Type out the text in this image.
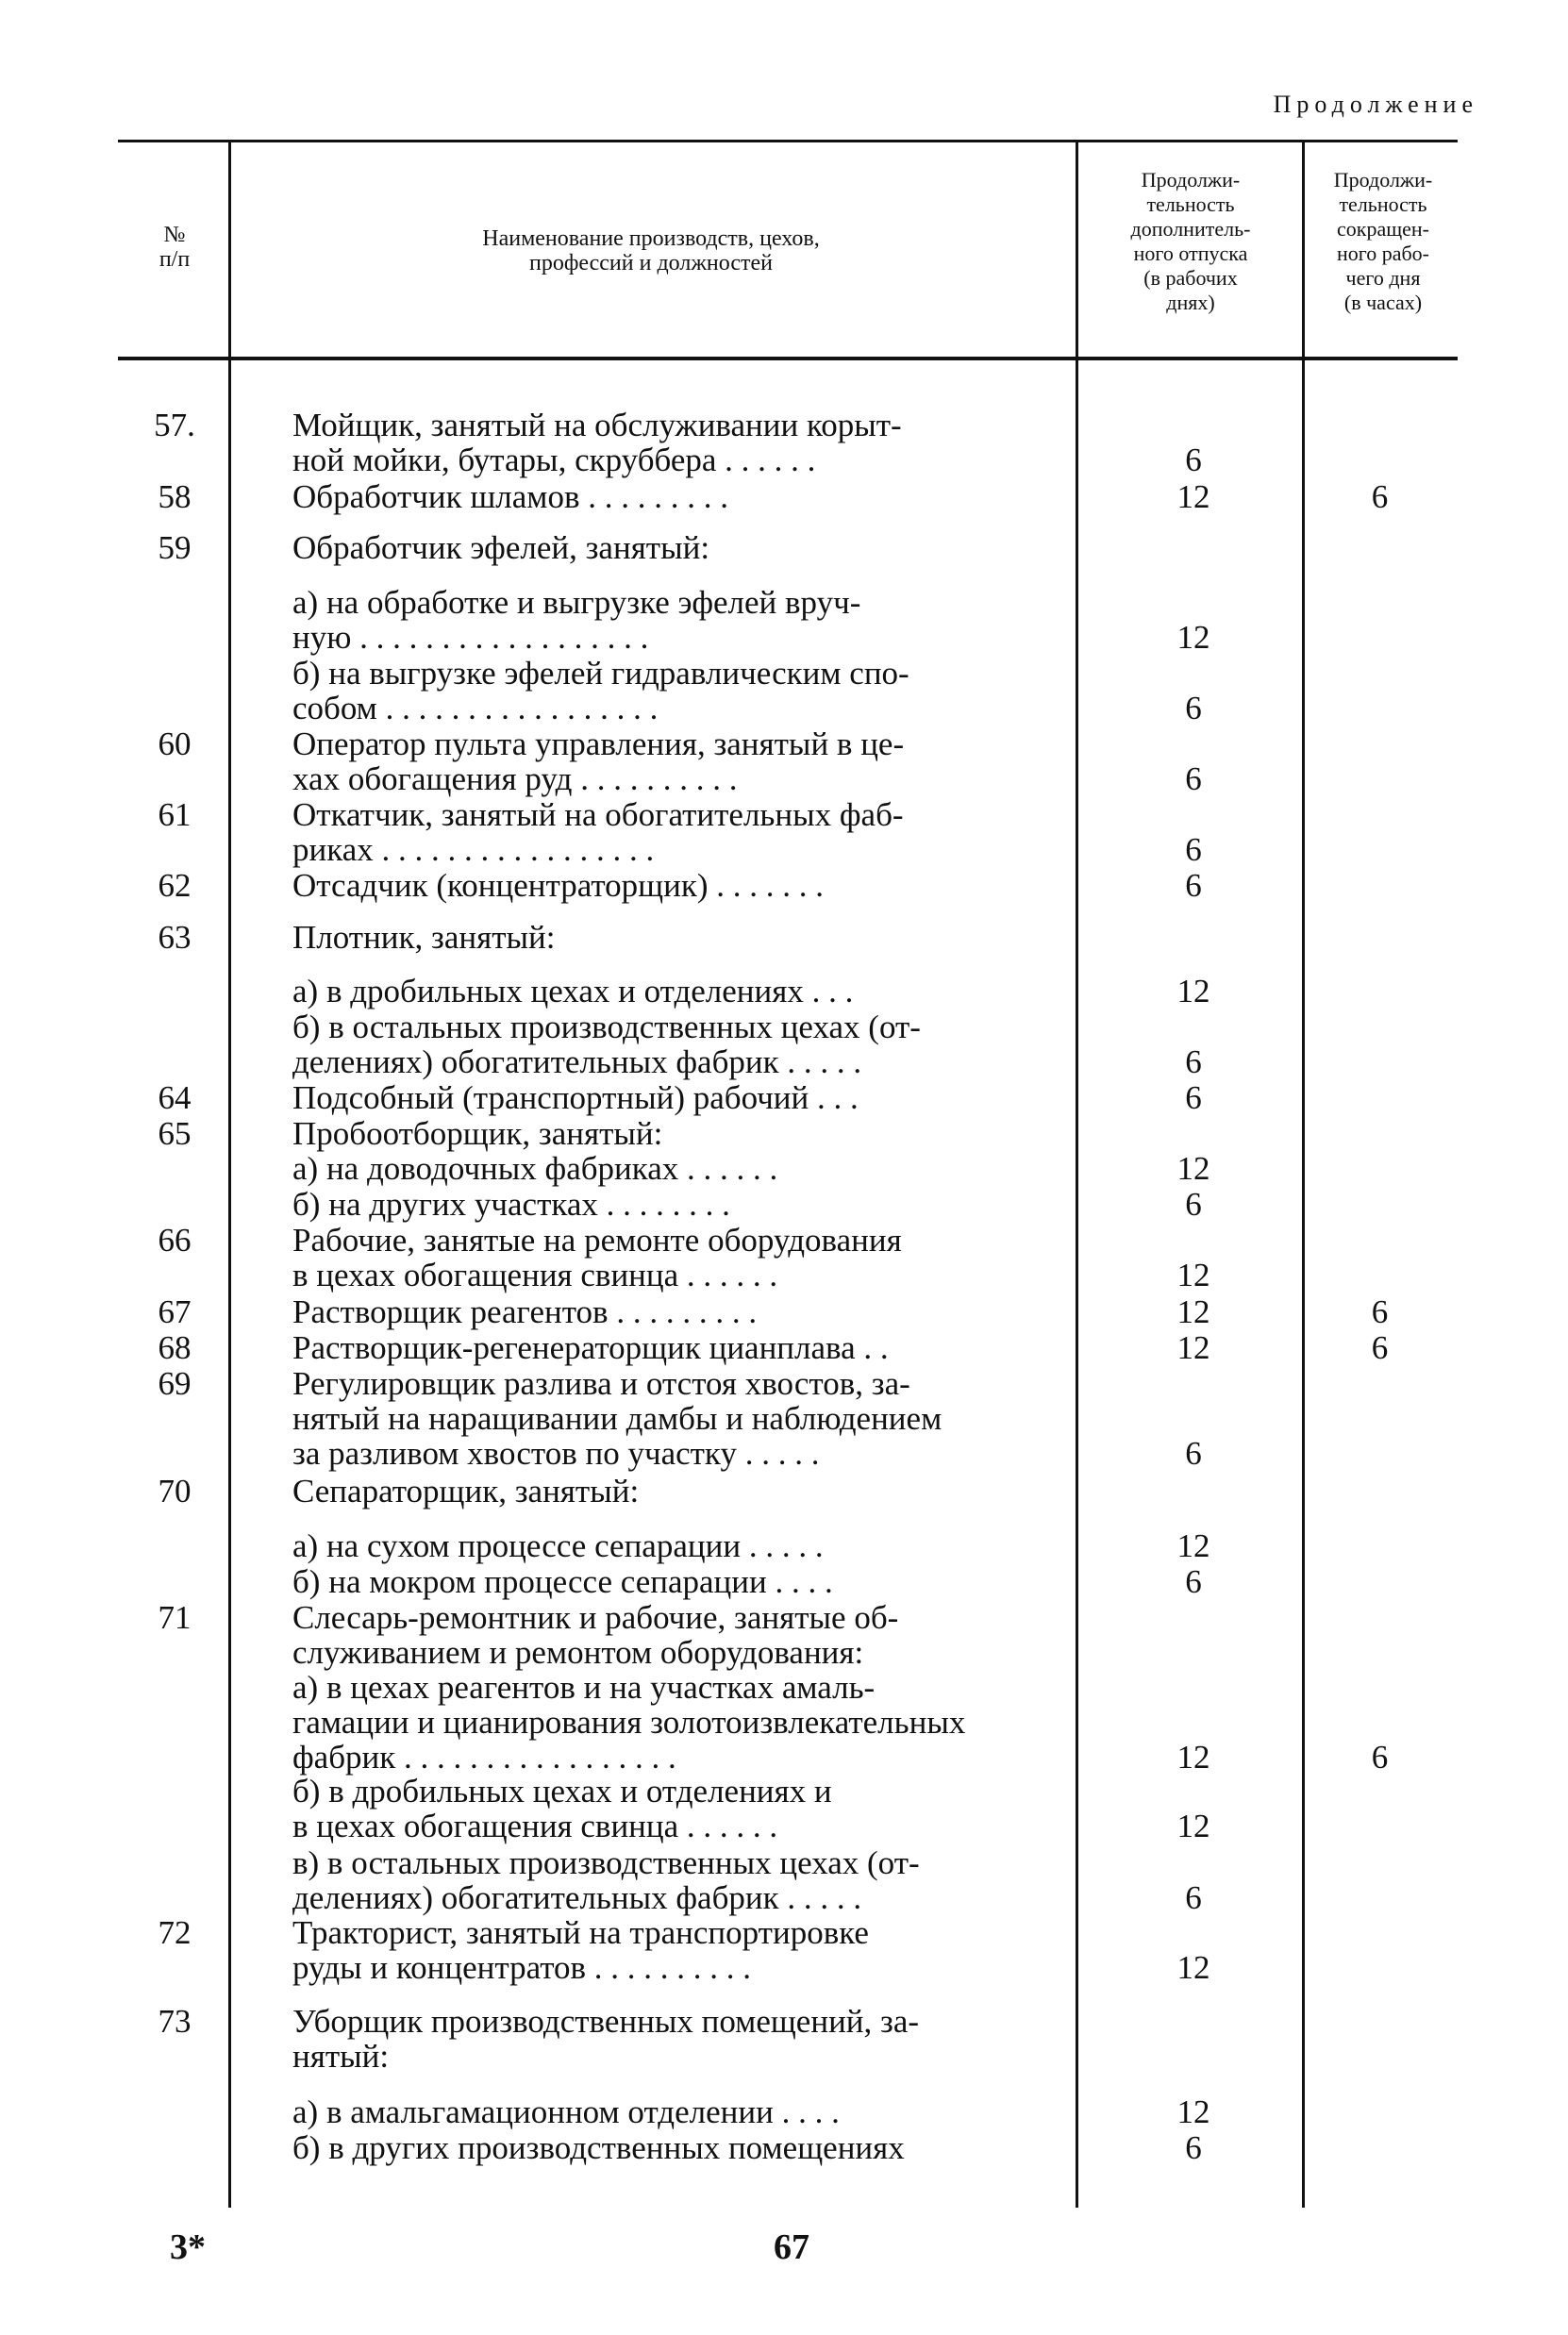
Продолжение
№
п/п
Наименование производств, цехов,
профессий и должностей
Продолжи-
тельность
дополнитель-
ного отпуска
(в рабочих
днях)
Продолжи-
тельность
сокращен-
ного рабо-
чего дня
(в часах)
57.	Мойщик, занятый на обслуживании корыт-
ной мойки, бутары, скруббера . . . . . .	6
58	Обработчик шламов . . . . . . . . .	12	6
59	Обработчик эфелей, занятый:
а) на обработке и выгрузке эфелей вруч-
ную . . . . . . . . . . . . . . . . . .	12
б) на выгрузке эфелей гидравлическим спо-
собом . . . . . . . . . . . . . . . . .	6
60	Оператор пульта управления, занятый в це-
хах обогащения руд . . . . . . . . . .	6
61	Откатчик, занятый на обогатительных фаб-
риках . . . . . . . . . . . . . . . . .	6
62	Отсадчик (концентраторщик) . . . . . . .	6
63	Плотник, занятый:
а) в дробильных цехах и отделениях . . .	12
б) в остальных производственных цехах (от-
делениях) обогатительных фабрик . . . . .	6
64	Подсобный (транспортный) рабочий . . .	6
65	Пробоотборщик, занятый:
а) на доводочных фабриках . . . . . .	12
б) на других участках . . . . . . . .	6
66	Рабочие, занятые на ремонте оборудования
в цехах обогащения свинца . . . . . .	12
67	Растворщик реагентов . . . . . . . . .	12	6
68	Растворщик-регенераторщик цианплава . .	12	6
69	Регулировщик разлива и отстоя хвостов, за-
нятый на наращивании дамбы и наблюдением
за разливом хвостов по участку . . . . .	6
70	Сепараторщик, занятый:
а) на сухом процессе сепарации . . . . .	12
б) на мокром процессе сепарации . . . .	6
71	Слесарь-ремонтник и рабочие, занятые об-
служиванием и ремонтом оборудования:
а) в цехах реагентов и на участках амаль-
гамации и цианирования золотоизвлекательных
фабрик . . . . . . . . . . . . . . . . .	12	6
б) в дробильных цехах и отделениях и
в цехах обогащения свинца . . . . . .	12
в) в остальных производственных цехах (от-
делениях) обогатительных фабрик . . . . .	6
72	Тракторист, занятый на транспортировке
руды и концентратов . . . . . . . . . .	12
73	Уборщик производственных помещений, за-
нятый:
а) в амальгамационном отделении . . . .	12
б) в других производственных помещениях	6
3*	67
